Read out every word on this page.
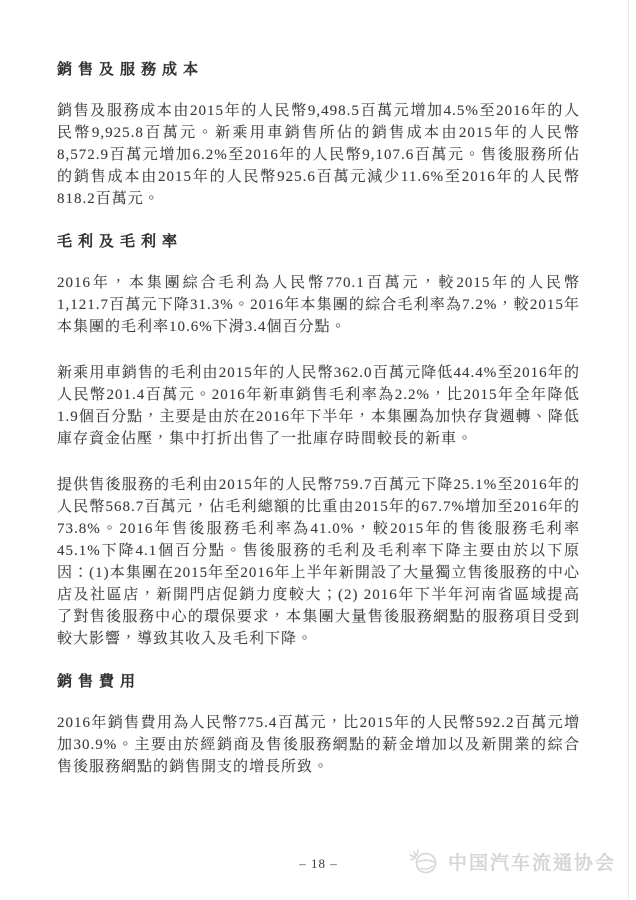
銷售及服務成本

銷售及服務成本由2015年的人民幣9,498.5百萬元增加4.5%至2016年的人民幣9,925.8百萬元。新乘用車銷售所佔的銷售成本由2015年的人民幣8,572.9百萬元增加6.2%至2016年的人民幣9,107.6百萬元。售後服務所佔的銷售成本由2015年的人民幣925.6百萬元減少11.6%至2016年的人民幣818.2百萬元。

毛利及毛利率

2016年，本集團綜合毛利為人民幣770.1百萬元，較2015年的人民幣1,121.7百萬元下降31.3%。2016年本集團的綜合毛利率為7.2%，較2015年本集團的毛利率10.6%下滑3.4個百分點。

新乘用車銷售的毛利由2015年的人民幣362.0百萬元降低44.4%至2016年的人民幣201.4百萬元。2016年新車銷售毛利率為2.2%，比2015年全年降低1.9個百分點，主要是由於在2016年下半年，本集團為加快存貨週轉、降低庫存資金佔壓，集中打折出售了一批庫存時間較長的新車。

提供售後服務的毛利由2015年的人民幣759.7百萬元下降25.1%至2016年的人民幣568.7百萬元，佔毛利總額的比重由2015年的67.7%增加至2016年的73.8%。2016年售後服務毛利率為41.0%，較2015年的售後服務毛利率45.1%下降4.1個百分點。售後服務的毛利及毛利率下降主要由於以下原因：(1)本集團在2015年至2016年上半年新開設了大量獨立售後服務的中心店及社區店，新開門店促銷力度較大；(2) 2016年下半年河南省區域提高了對售後服務中心的環保要求，本集團大量售後服務網點的服務項目受到較大影響，導致其收入及毛利下降。

銷售費用

2016年銷售費用為人民幣775.4百萬元，比2015年的人民幣592.2百萬元增加30.9%。主要由於經銷商及售後服務網點的薪金增加以及新開業的綜合售後服務網點的銷售開支的增長所致。

– 18 –	中国汽车流通协会
